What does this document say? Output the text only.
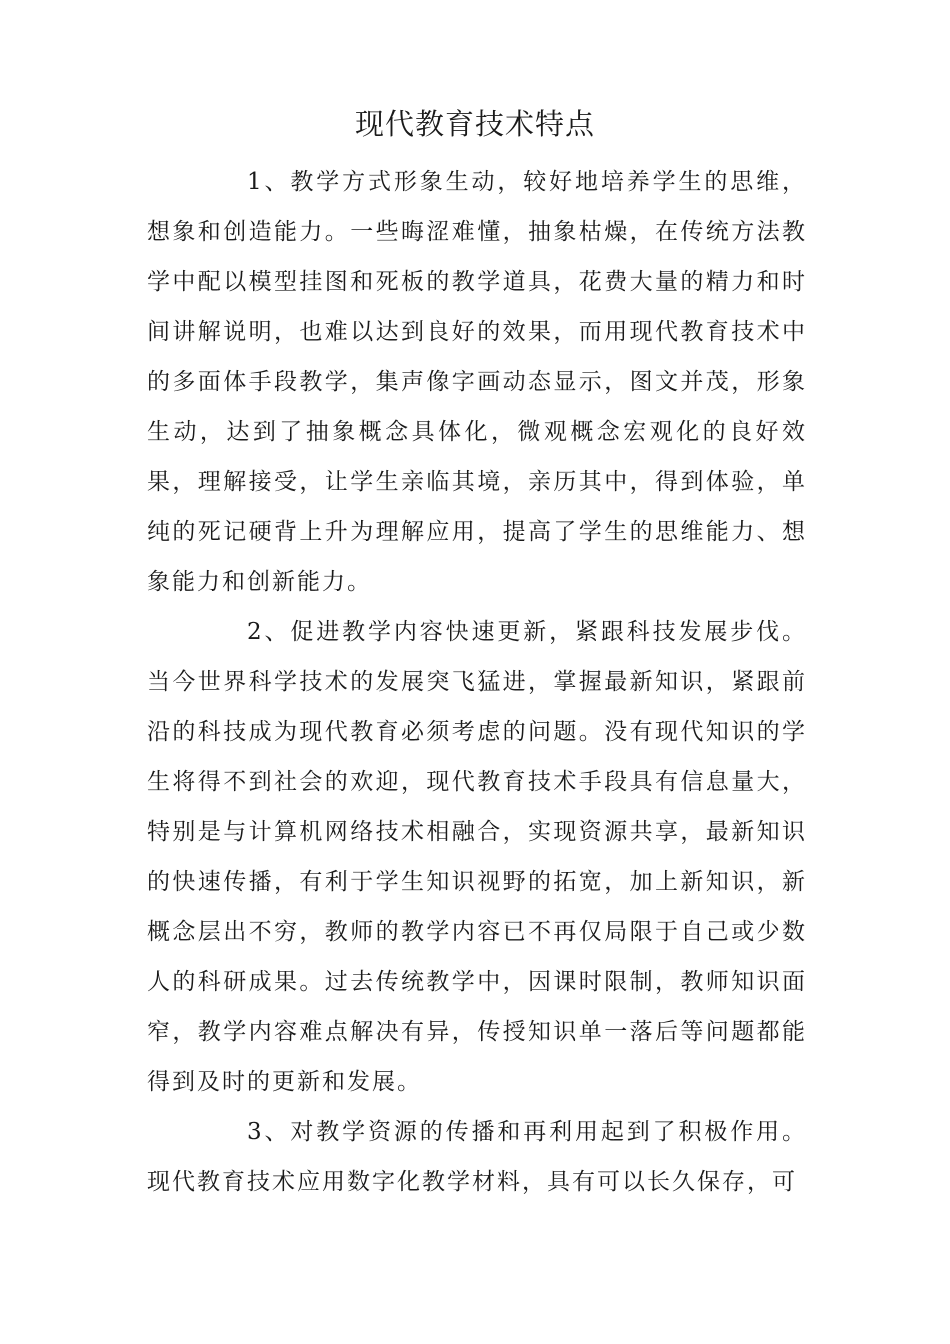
现代教育技术特点

1、教学方式形象生动，较好地培养学生的思维，想象和创造能力。一些晦涩难懂，抽象枯燥，在传统方法教学中配以模型挂图和死板的教学道具，花费大量的精力和时间讲解说明，也难以达到良好的效果，而用现代教育技术中的多面体手段教学，集声像字画动态显示，图文并茂，形象生动，达到了抽象概念具体化，微观概念宏观化的良好效果，理解接受，让学生亲临其境，亲历其中，得到体验，单纯的死记硬背上升为理解应用，提高了学生的思维能力、想象能力和创新能力。

2、促进教学内容快速更新，紧跟科技发展步伐。当今世界科学技术的发展突飞猛进，掌握最新知识，紧跟前沿的科技成为现代教育必须考虑的问题。没有现代知识的学生将得不到社会的欢迎，现代教育技术手段具有信息量大，特别是与计算机网络技术相融合，实现资源共享，最新知识的快速传播，有利于学生知识视野的拓宽，加上新知识，新概念层出不穷，教师的教学内容已不再仅局限于自己或少数人的科研成果。过去传统教学中，因课时限制，教师知识面窄，教学内容难点解决有异，传授知识单一落后等问题都能得到及时的更新和发展。

3、对教学资源的传播和再利用起到了积极作用。现代教育技术应用数字化教学材料，具有可以长久保存，可
